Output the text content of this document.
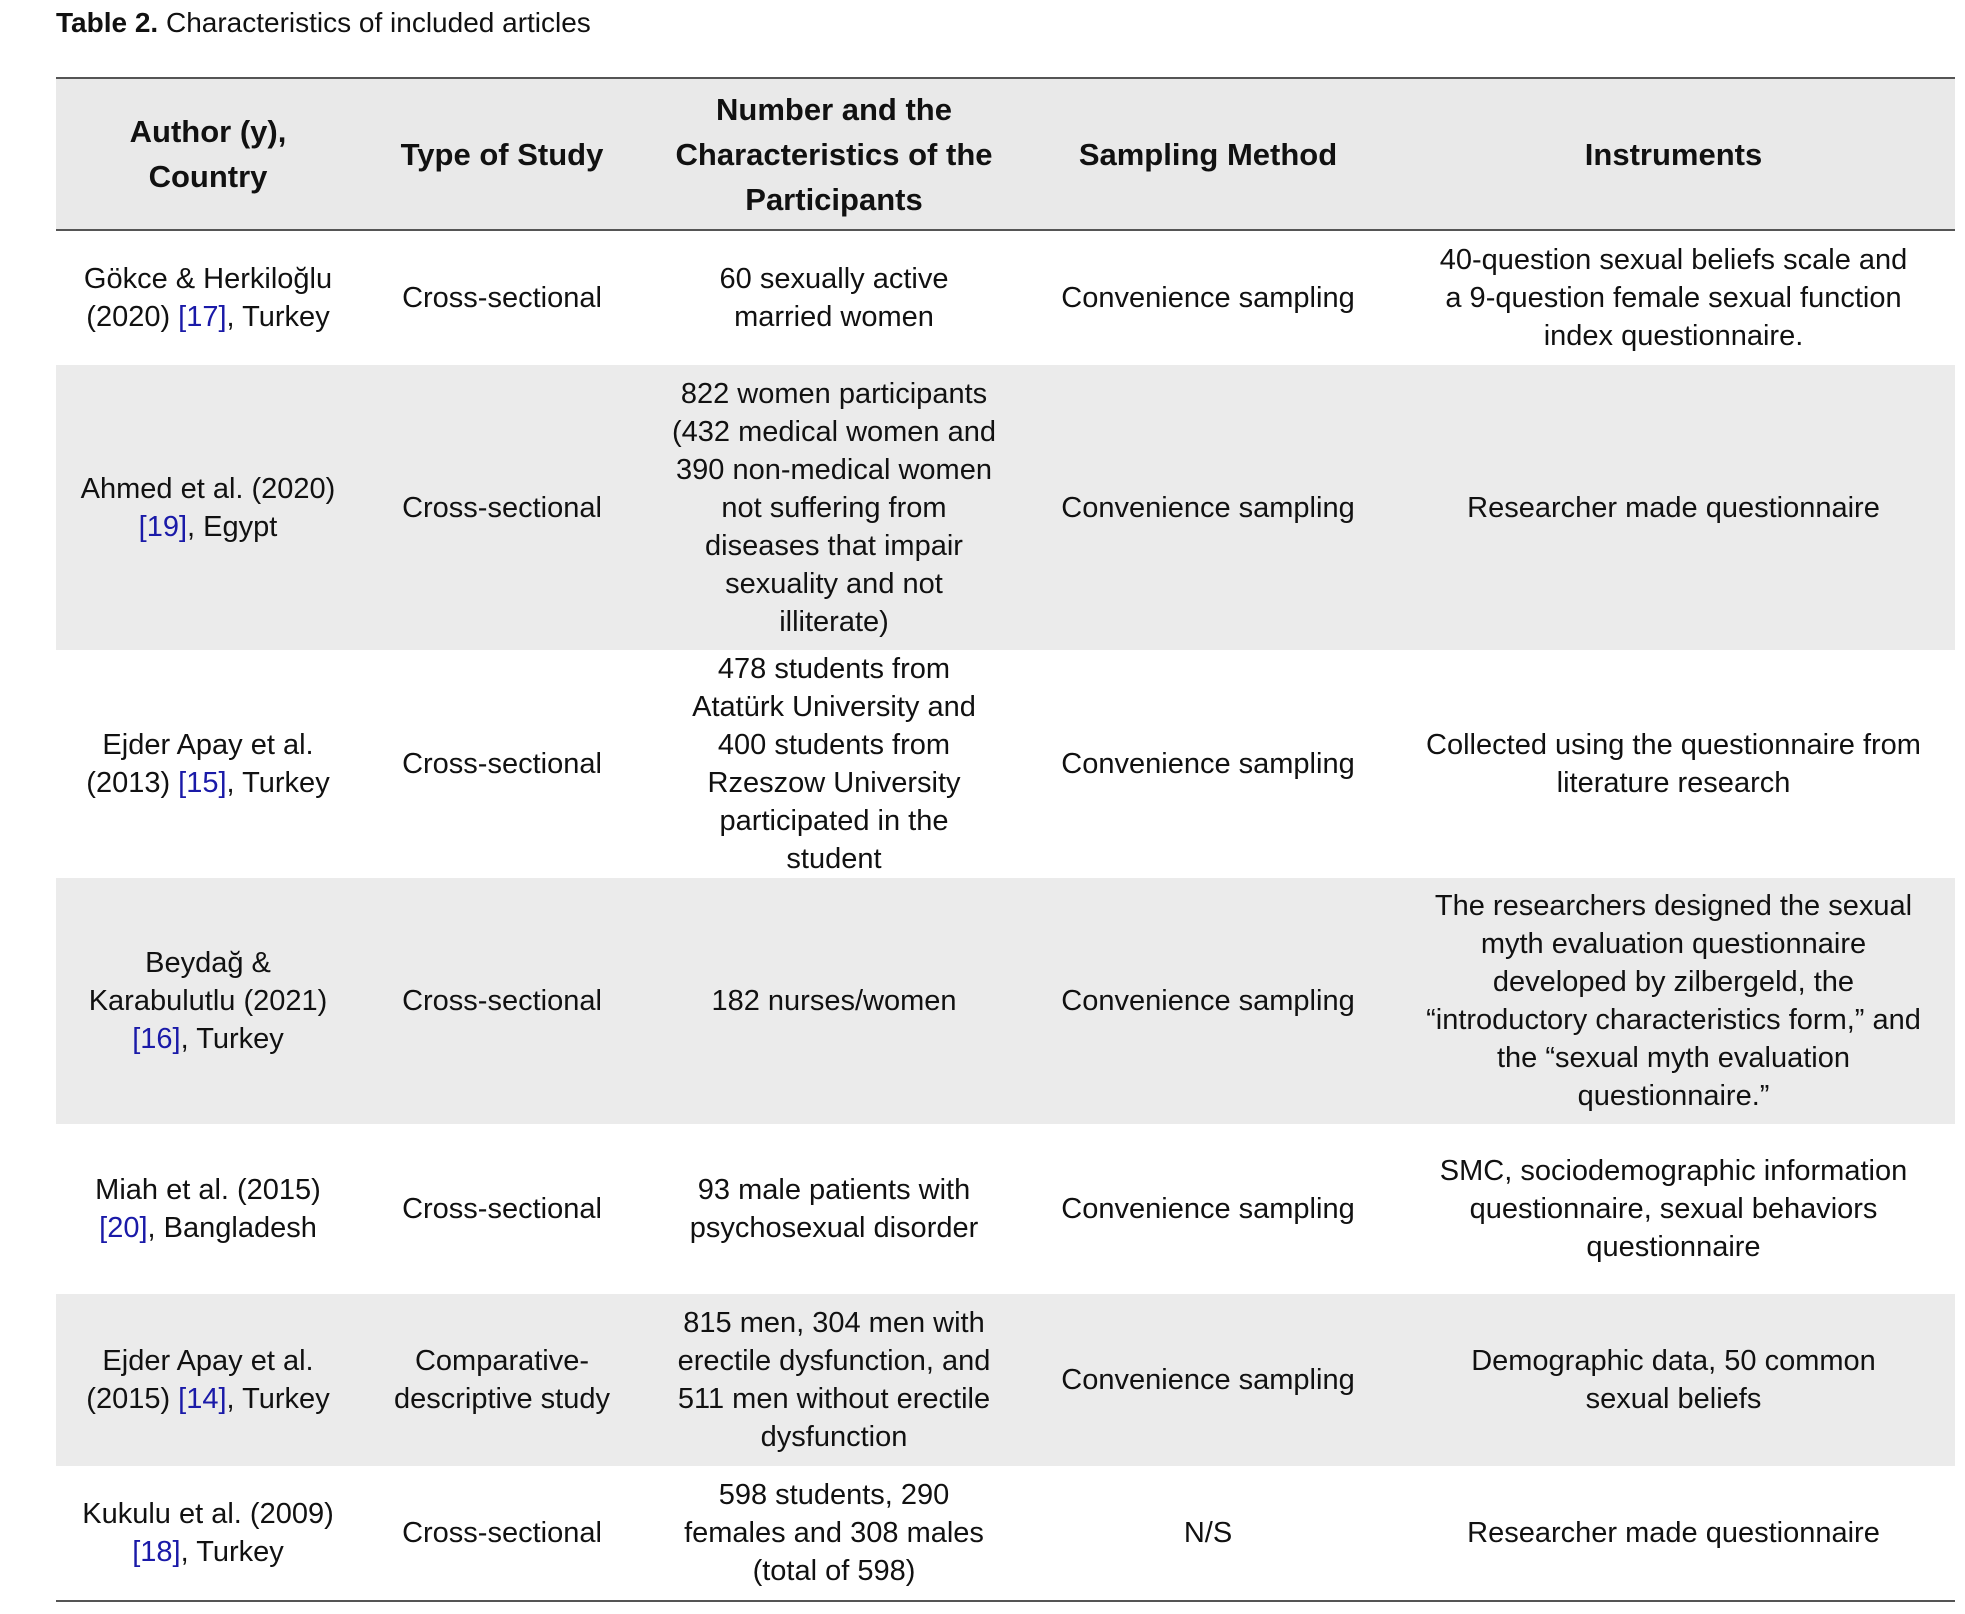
Table 2. Characteristics of included articles
Author (y), Country	Type of Study	Number and the Characteristics of the Participants	Sampling Method	Instruments
Gökce & Herkiloğlu (2020) [17], Turkey	Cross-sectional	60 sexually active married women	Convenience sampling	40-question sexual beliefs scale and a 9-question female sexual function index questionnaire.
Ahmed et al. (2020) [19], Egypt	Cross-sectional	822 women participants (432 medical women and 390 non-medical women not suffering from diseases that impair sexuality and not illiterate)	Convenience sampling	Researcher made questionnaire
Ejder Apay et al. (2013) [15], Turkey	Cross-sectional	478 students from Atatürk University and 400 students from Rzeszow University participated in the student	Convenience sampling	Collected using the questionnaire from literature research
Beydağ & Karabulutlu (2021) [16], Turkey	Cross-sectional	182 nurses/women	Convenience sampling	The researchers designed the sexual myth evaluation questionnaire developed by zilbergeld, the “introductory characteristics form,” and the “sexual myth evaluation questionnaire.”
Miah et al. (2015) [20], Bangladesh	Cross-sectional	93 male patients with psychosexual disorder	Convenience sampling	SMC, sociodemographic information questionnaire, sexual behaviors questionnaire
Ejder Apay et al. (2015) [14], Turkey	Comparative-descriptive study	815 men, 304 men with erectile dysfunction, and 511 men without erectile dysfunction	Convenience sampling	Demographic data, 50 common sexual beliefs
Kukulu et al. (2009) [18], Turkey	Cross-sectional	598 students, 290 females and 308 males (total of 598)	N/S	Researcher made questionnaire
